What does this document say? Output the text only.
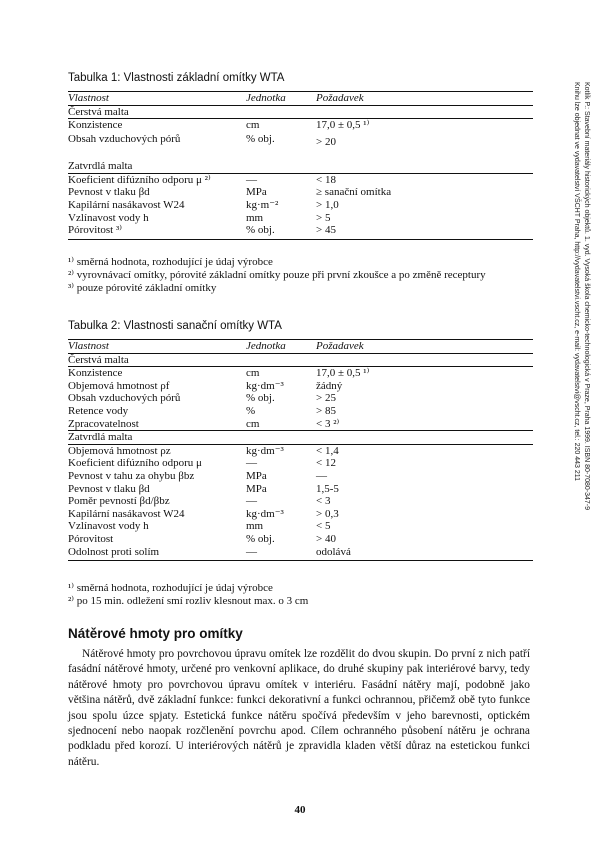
Tabulka 1: Vlastnosti základní omítky WTA
Vlastnost	Jednotka	Požadavek
Čerstvá malta		
Konzistence	cm	17,0 ± 0,5 ¹⁾
Obsah vzduchových pórů	% obj.	> 20
Zatvrdlá malta		
Koeficient difúzního odporu μ ²⁾	—	< 18
Pevnost v tlaku βd	MPa	≥ sanační omítka
Kapilární nasákavost W24	kg·m⁻²	> 1,0
Vzlínavost vody h	mm	> 5
Pórovitost ³⁾	% obj.	> 45
¹⁾ směrná hodnota, rozhodující je údaj výrobce
²⁾ vyrovnávací omítky, pórovité základní omítky pouze při první zkoušce a po změně receptury
³⁾ pouze pórovité základní omítky
Tabulka 2: Vlastnosti sanační omítky WTA
Vlastnost	Jednotka	Požadavek
Čerstvá malta		
Konzistence	cm	17,0 ± 0,5 ¹⁾
Objemová hmotnost ρf	kg·dm⁻³	žádný
Obsah vzduchových pórů	% obj.	> 25
Retence vody	%	> 85
Zpracovatelnost	cm	< 3 ²⁾
Zatvrdlá malta		
Objemová hmotnost ρz	kg·dm⁻³	< 1,4
Koeficient difúzního odporu μ	—	< 12
Pevnost v tahu za ohybu βbz	MPa	—
Pevnost v tlaku βd	MPa	1,5-5
Poměr pevností βd/βbz	—	< 3
Kapilární nasákavost W24	kg·dm⁻³	> 0,3
Vzlínavost vody h	mm	< 5
Pórovitost	% obj.	> 40
Odolnost proti solím	—	odolává
¹⁾ směrná hodnota, rozhodující je údaj výrobce
²⁾ po 15 min. odležení smí rozliv klesnout max. o 3 cm
Nátěrové hmoty pro omítky

Nátěrové hmoty pro povrchovou úpravu omítek lze rozdělit do dvou skupin. Do první z nich patří fasádní nátěrové hmoty, určené pro venkovní aplikace, do druhé skupiny pak interiérové barvy, tedy nátěrové hmoty pro povrchovou úpravu omítek v interiéru. Fasádní nátěry mají, podobně jako většina nátěrů, dvě základní funkce: funkci dekorativní a funkci ochrannou, přičemž obě tyto funkce jsou spolu úzce spjaty. Estetická funkce nátěru spočívá především v jeho barevnosti, optickém sjednocení nebo naopak rozčlenění povrchu apod. Cílem ochranného působení nátěru je ochrana podkladu před korozí. U interiérových nátěrů je zpravidla kladen větší důraz na estetickou funkci nátěru.

40
Kotlík P.: Stavební materiály historických objektů. 1. vyd. Vysoká škola chemicko-technologická v Praze, Praha 1999. ISBN 80-7080-347-9
Knihu lze objednat ve vydavatelství VŠCHT Praha, http://vydavatelstvi.vscht.cz, e-mail: vydavatelstvi@vscht.cz, tel.: 220 443 211
